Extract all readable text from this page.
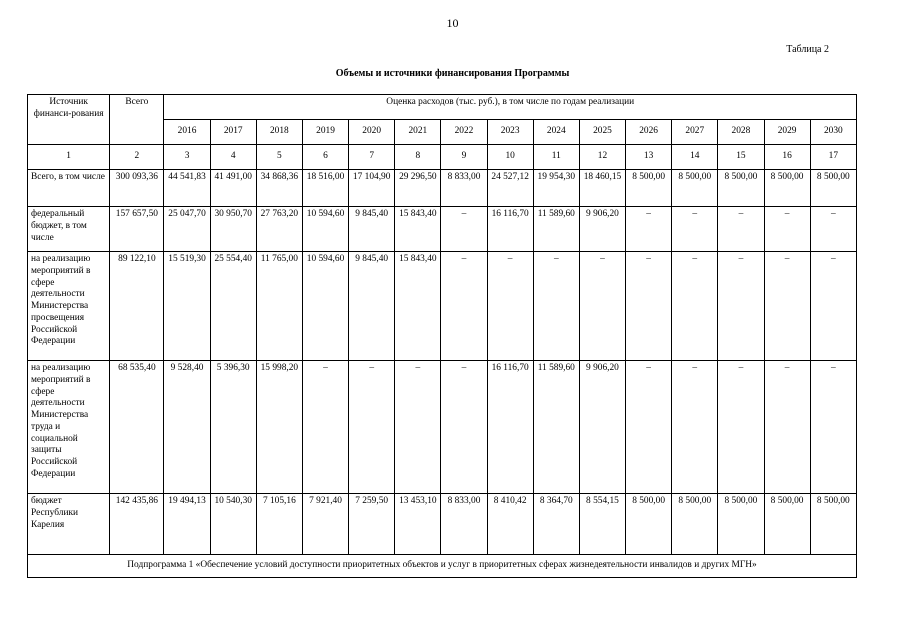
10
Таблица 2
Объемы и источники финансирования Программы
Источник финанси-рования	Всего	Оценка расходов (тыс. руб.), в том числе по годам реализации														
		2016	2017	2018	2019	2020	2021	2022	2023	2024	2025	2026	2027	2028	2029	2030
1	2	3	4	5	6	7	8	9	10	11	12	13	14	15	16	17
Всего, в том числе	300 093,36	44 541,83	41 491,00	34 868,36	18 516,00	17 104,90	29 296,50	8 833,00	24 527,12	19 954,30	18 460,15	8 500,00	8 500,00	8 500,00	8 500,00	8 500,00
федеральный бюджет, в том числе	157 657,50	25 047,70	30 950,70	27 763,20	10 594,60	9 845,40	15 843,40	–	16 116,70	11 589,60	9 906,20	–	–	–	–	–
на реализацию мероприятий в сфере деятельности Министерства просвещения Российской Федерации	89 122,10	15 519,30	25 554,40	11 765,00	10 594,60	9 845,40	15 843,40	–	–	–	–	–	–	–	–	–
на реализацию мероприятий в сфере деятельности Министерства труда и социальной защиты Российской Федерации	68 535,40	9 528,40	5 396,30	15 998,20	–	–	–	–	16 116,70	11 589,60	9 906,20	–	–	–	–	–
бюджет Республики Карелия	142 435,86	19 494,13	10 540,30	7 105,16	7 921,40	7 259,50	13 453,10	8 833,00	8 410,42	8 364,70	8 554,15	8 500,00	8 500,00	8 500,00	8 500,00	8 500,00
Подпрограмма 1 «Обеспечение условий доступности приоритетных объектов и услуг в приоритетных сферах жизнедеятельности инвалидов и других МГН»																
